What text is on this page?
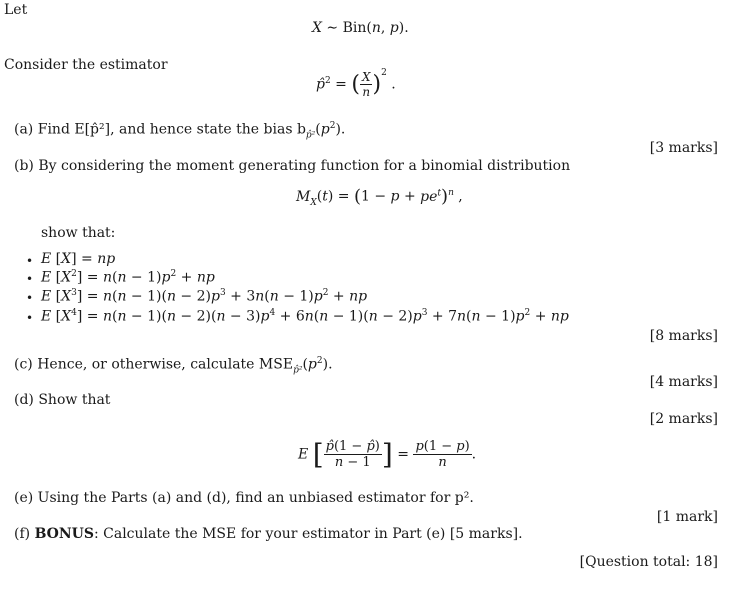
Let
X ∼ Bin(n, p).
Consider the estimator
p̂$^2$ = ( $\frac{X}{n} )^2$ .
(a) Find E[p̂²], and hence state the bias $b_{p̂^2}(p^2)$.
[3 marks]
(b) By considering the moment generating function for a binomial distribution
$M_X(t) = (1 - p + pe^t)^n$ ,
show that:
• E [X] = np
• E $[X^2] = n(n - 1)p^2$ + np
• E $[X^3] = n(n - 1)(n - 2)p^3 + 3n(n - 1)p^2$ + np
• E $[X^4] = n(n - 1)(n - 2)(n - 3)p^4 + 6n(n - 1)(n - 2)p^3 + 7n(n - 1)p^2$ + np
[8 marks]
(c) Hence, or otherwise, calculate $MSE_{p̂^2}(p^2)$.
[4 marks]
(d) Show that
[2 marks]
E [ $\frac{p̂(1 - p̂)}{n - 1}$ ] = $\frac{p(1 - p)}{n}$ .
(e) Using the Parts (a) and (d), find an unbiased estimator for p².
[1 mark]
(f) BONUS: Calculate the MSE for your estimator in Part (e) [5 marks].
[Question total: 18]
